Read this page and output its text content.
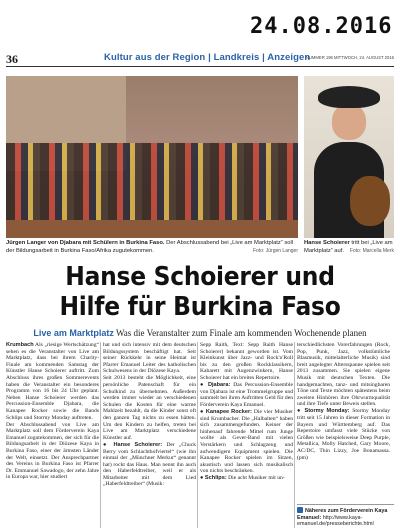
24.08.2016
36	Kultur aus der Region | Landkreis | Anzeigen
NUMMER 196 MITTWOCH, 24. AUGUST 2016
Jürgen Langer von Djabara mit Schülern in Burkina Faso. Der Abschlussabend bei „Live am Marktplatz“ soll der Bildungsarbeit in Burkina Faso/Afrika zugutekommen.	Foto: Jürgen Langer
Hanse Schoierer tritt bei „Live am Marktplatz“ auf. Foto: Marcella Merk
Hanse Schoierer und
Hilfe für Burkina Faso
Live am Marktplatz Was die Veranstalter zum Finale am kommenden Wochenende planen

Krumbach Als „riesige Wertschätzung“ sehen es die Veranstalter von Live am Marktplatz, dass bei ihrem Charity-Finale am kommenden Samstag der Künstler Hanse Schoierer auftritt. Zum Abschluss ihres großen Sommerevents haben die Veranstalter ein besonderes Programm von 16 bis 24 Uhr geplant. Neben Hanse Schoierer werden das Percussion-Ensemble Djabara, die Kanapee Rocker sowie die Bands Schlips und Stormy Monday auftreten.

Der Abschlussabend von Live am Marktplatz soll dem Förderverein Kaya Emanuel zugutekommen, der sich für die Bildungsarbeit in der Diözese Kaya in Burkina Faso, einer der ärmsten Länder der Welt, einsetzt. Der Ansprechpartner des Vereins in Burkina Faso ist Pfarrer Dr. Emmanuel Sawadogo, der zehn Jahre in Europa war, hier studiert

hat und sich intensiv mit dem deutschen Bildungssystem beschäftigt hat. Seit seiner Rückkehr in seine Heimat ist Pfarrer Emanuel Leiter des katholischen Schulwesens in der Diözese Kaya.

Seit 2013 besteht die Möglichkeit, eine persönliche Patenschaft für ein Schulkind zu übernehmen. Außerdem werden immer wieder an verschiedenen Schulen die Kosten für eine warme Mahlzeit bezahlt, da die Kinder sonst oft den ganzen Tag nichts zu essen hätten. Um den Kindern zu helfen, treten bei Live am Marktplatz verschiedene Künstler auf.

● Hanse Schoierer: Der „Chuck Berry vom Schlachthofviertel“ (wie ihn einmal der „Münchner Merkur“ genannt hat) rockt das Haus. Man nennt ihn auch den Haberfeldtreiber, weil er als Mitarbeiter mit dem Lied „Haberfeldtreiber“ (Musik:

Sepp Raith, Text: Sepp Raith Hanse Schoierer) bekannt geworden ist. Vom Kleinkunst über Jazz- und Rock'n'Roll bis zu den großen Rockklassikern, Kabarett mit Augenzwinkern, Hanse Schoierer hat ein breites Repertoire.

● Djabara: Das Percussion-Ensemble von Djabara ist eine Trommelgruppe und sammelt bei ihren Auftritten Geld für den Förderverein Kaya Emanuel.

● Kanapee Rocker: Die vier Musiker sind Krumbacher. Die „Halbalten“ haben sich zusammengefunden. Keiner der hinhenauf fahrende Mittel rum Junge wollte als Gever-Band mit vielen Verstärkern und Schlagzeug und aufwendigem Equipment spielen. Die Kanapee Rocker spielen im Sitzen, akustisch und lassen sich musikalisch von nichts beschränken.

● Schlips: Die acht Musiker mit un-

terschiedlichsten Vorerfahrungen (Rock, Pop, Punk, Jazz, volkstümliche Blasmusik, mittelalterliche Musik) sind breit angelegter Altersspanne spielen seit 2013 zusammen. Sie spielen eigene Musik mit deutschen Texten. Die handgemachten, tanz- und mitsingbaren Töne und Texte möchten spätestens beim zweiten Hinhören ihre Ohrwurmqualität und ihre Tiefe unter Beweis stellen.

● Stormy Monday: Stormy Monday tritt seit 15 Jahren in dieser Formation in Bayern und Württemberg auf. Das Repertoire umfasst viele Stücke von Größen wie beispielsweise Deep Purple, Metallica, Molly Hatched, Gary Moore, AC/DC, Thin Lizzy, Joe Bonamassa. (pm)

Näheres zum Förderverein Kaya Emanuel: http://www.kaya-emanuel.de/presseberichte.html
